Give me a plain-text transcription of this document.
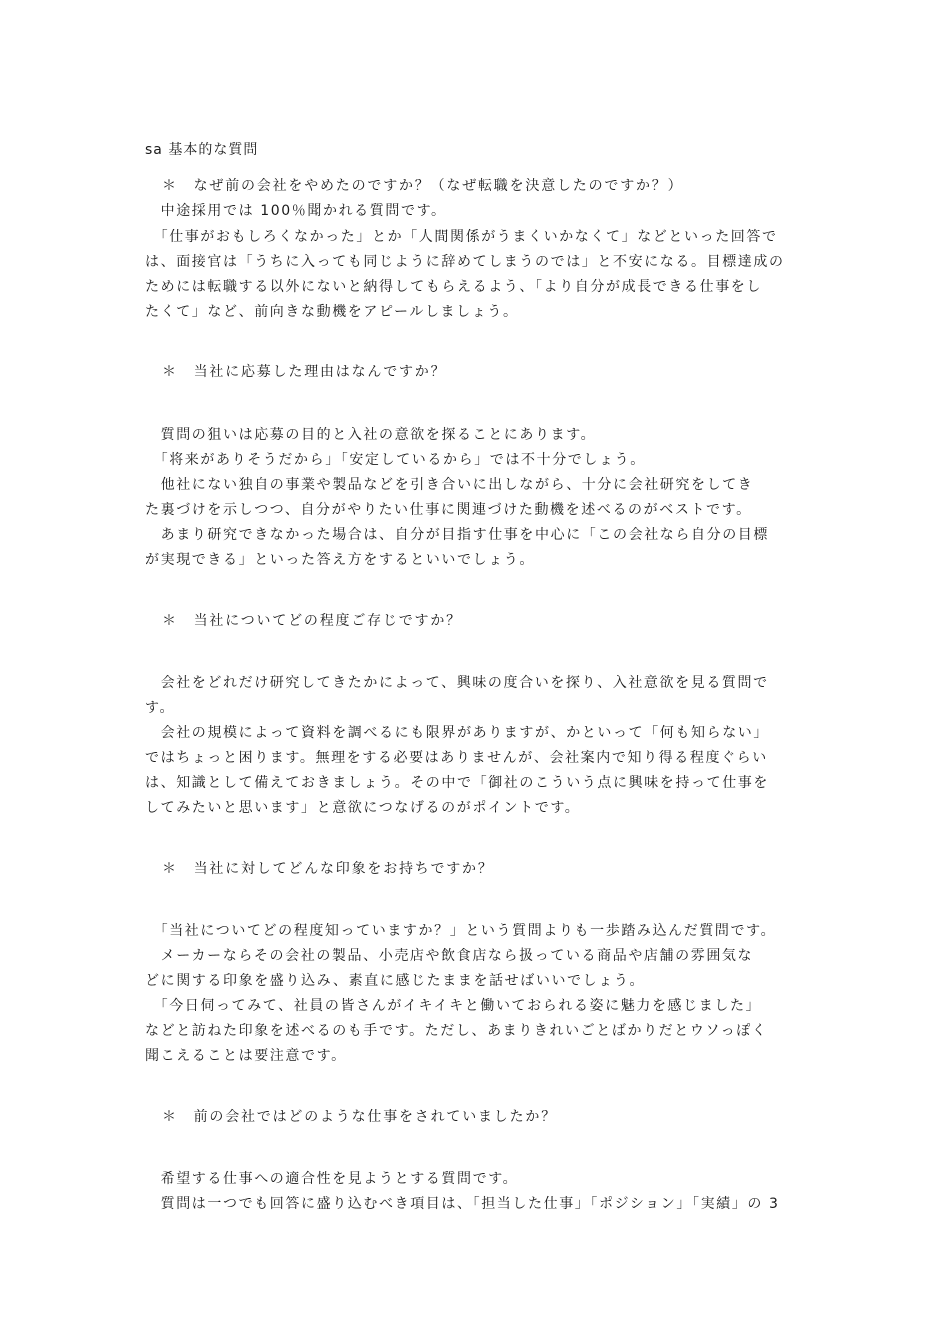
sa 基本的な質問
＊　なぜ前の会社をやめたのですか？（なぜ転職を決意したのですか？）
　中途採用では 100％聞かれる質問です。
　「仕事がおもしろくなかった」とか「人間関係がうまくいかなくて」などといった回答で
は、面接官は「うちに入っても同じように辞めてしまうのでは」と不安になる。目標達成の
ためには転職する以外にないと納得してもらえるよう、「より自分が成長できる仕事をし
たくて」など、前向きな動機をアピールしましょう。
＊　当社に応募した理由はなんですか？
　質問の狙いは応募の目的と入社の意欲を探ることにあります。
　「将来がありそうだから」「安定しているから」では不十分でしょう。
　他社にない独自の事業や製品などを引き合いに出しながら、十分に会社研究をしてき
た裏づけを示しつつ、自分がやりたい仕事に関連づけた動機を述べるのがベストです。
　あまり研究できなかった場合は、自分が目指す仕事を中心に「この会社なら自分の目標
が実現できる」といった答え方をするといいでしょう。
＊　当社についてどの程度ご存じですか？
　会社をどれだけ研究してきたかによって、興味の度合いを探り、入社意欲を見る質問で
す。
　会社の規模によって資料を調べるにも限界がありますが、かといって「何も知らない」
ではちょっと困ります。無理をする必要はありませんが、会社案内で知り得る程度ぐらい
は、知識として備えておきましょう。その中で「御社のこういう点に興味を持って仕事を
してみたいと思います」と意欲につなげるのがポイントです。
＊　当社に対してどんな印象をお持ちですか？
　「当社についてどの程度知っていますか？」という質問よりも一歩踏み込んだ質問です。
　メーカーならその会社の製品、小売店や飲食店なら扱っている商品や店舗の雰囲気な
どに関する印象を盛り込み、素直に感じたままを話せばいいでしょう。
　「今日伺ってみて、社員の皆さんがイキイキと働いておられる姿に魅力を感じました」
などと訪ねた印象を述べるのも手です。ただし、あまりきれいごとばかりだとウソっぽく
聞こえることは要注意です。
＊　前の会社ではどのような仕事をされていましたか？
　希望する仕事への適合性を見ようとする質問です。
　質問は一つでも回答に盛り込むべき項目は、「担当した仕事」「ポジション」「実績」の 3
